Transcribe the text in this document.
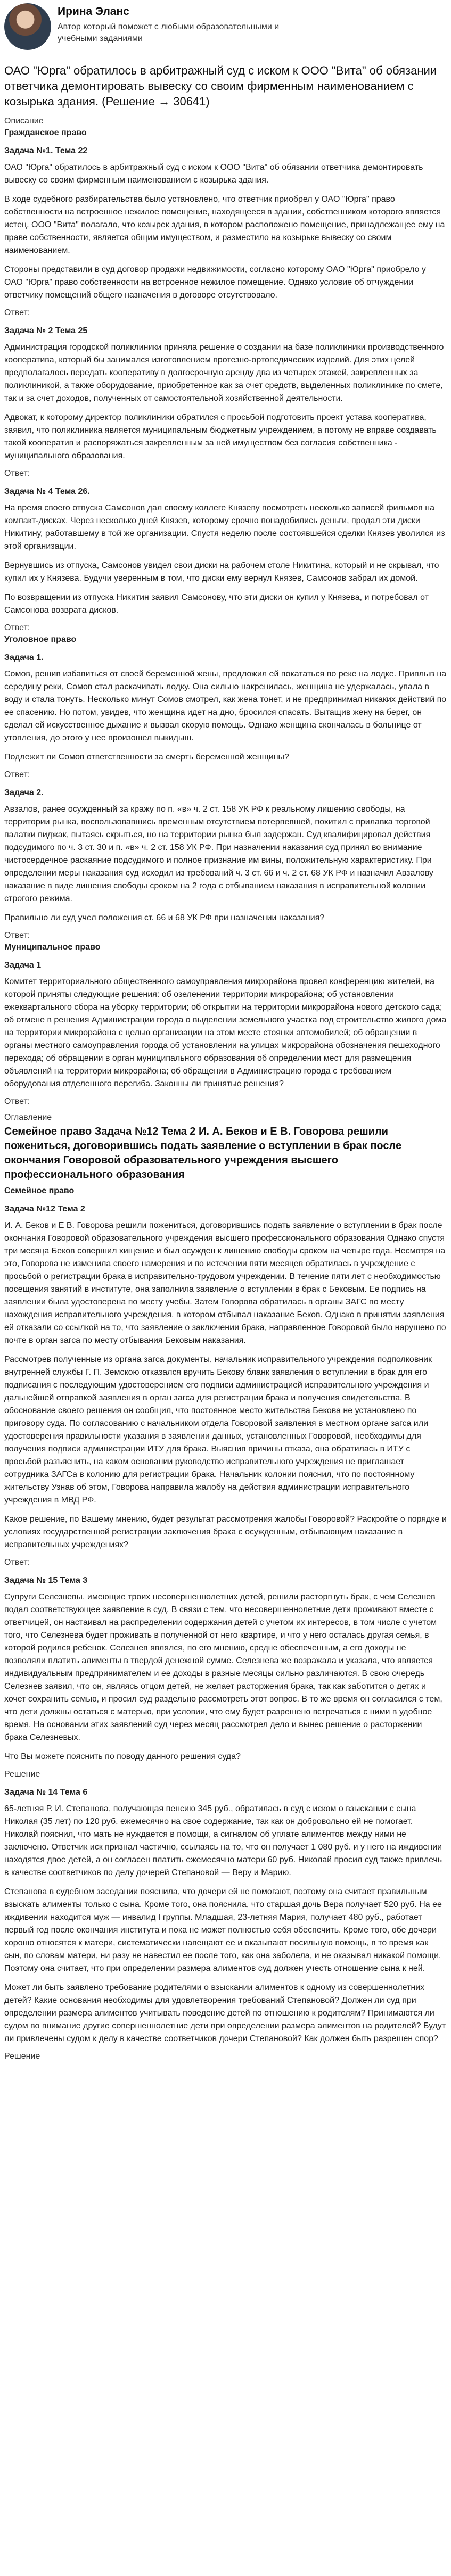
Ирина Эланс
Автор который поможет с любыми образовательными и учебными заданиями
ОАО "Юрга" обратилось в арбитражный суд с иском к ООО "Вита" об обязании ответчика демонтировать вывеску со своим фирменным наименованием с козырька здания. (Решение → 30641)
Описание
Гражданское право
Задача №1. Тема 22

ОАО "Юрга" обратилось в арбитражный суд с иском к ООО "Вита" об обязании ответчика демонтировать вывеску со своим фирменным наименованием с козырька здания.

В ходе судебного разбирательства было установлено, что ответчик приобрел у ОАО "Юрга" право собственности на встроенное нежилое помещение, находящееся в здании, собственником которого является истец. ООО "Вита" полагало, что козырек здания, в котором расположено помещение, принадлежащее ему на праве собственности, является общим имуществом, и разместило на козырьке вывеску со своим наименованием.

Стороны представили в суд договор продажи недвижимости, согласно которому ОАО "Юрга" приобрело у ОАО "Юрга" право собственности на встроенное нежилое помещение. Однако условие об отчуждении ответчику помещений общего назначения в договоре отсутствовало.

Ответ:
Задача № 2 Тема 25

Администрация городской поликлиники приняла решение о создании на базе поликлиники производственного кооператива, который бы занимался изготовлением протезно-ортопедических изделий. Для этих целей предполагалось передать кооперативу в долгосрочную аренду два из четырех этажей, закрепленных за поликлиникой, а также оборудование, приобретенное как за счет средств, выделенных поликлинике по смете, так и за счет доходов, полученных от самостоятельной хозяйственной деятельности.

Адвокат, к которому директор поликлиники обратился с просьбой подготовить проект устава кооператива, заявил, что поликлиника является муниципальным бюджетным учреждением, а потому не вправе создавать такой кооператив и распоряжаться закрепленным за ней имуществом без согласия собственника - муниципального образования.

Ответ:
Задача № 4 Тема 26.

На время своего отпуска Самсонов дал своему коллеге Князеву посмотреть несколько записей фильмов на компакт-дисках. Через несколько дней Князев, которому срочно понадобились деньги, продал эти диски Никитину, работавшему в той же организации. Спустя неделю после состоявшейся сделки Князев уволился из этой организации.

Вернувшись из отпуска, Самсонов увидел свои диски на рабочем столе Никитина, который и не скрывал, что купил их у Князева. Будучи уверенным в том, что диски ему вернул Князев, Самсонов забрал их домой.

По возвращении из отпуска Никитин заявил Самсонову, что эти диски он купил у Князева, и потребовал от Самсонова возврата дисков.

Ответ:
Уголовное право
Задача 1.

Сомов, решив избавиться от своей беременной жены, предложил ей покататься по реке на лодке. Приплыв на середину реки, Сомов стал раскачивать лодку. Она сильно накренилась, женщина не удержалась, упала в воду и стала тонуть. Несколько минут Сомов смотрел, как жена тонет, и не предпринимал никаких действий по ее спасению. Но потом, увидев, что женщина идет на дно, бросился спасать. Вытащив жену на берег, он сделал ей искусственное дыхание и вызвал скорую помощь. Однако женщина скончалась в больнице от утопления, до этого у нее произошел выкидыш.

Подлежит ли Сомов ответственности за смерть беременной женщины?

Ответ:
Задача 2.

Авзалов, ранее осужденный за кражу по п. «в» ч. 2 ст. 158 УК РФ к реальному лишению свободы, на территории рынка, воспользовавшись временным отсутствием потерпевшей, похитил с прилавка торговой палатки пиджак, пытаясь скрыться, но на территории рынка был задержан. Суд квалифицировал действия подсудимого по ч. 3 ст. 30 и п. «в» ч. 2 ст. 158 УК РФ. При назначении наказания суд принял во внимание чистосердечное раскаяние подсудимого и полное признание им вины, положительную характеристику. При определении меры наказания суд исходил из требований ч. 3 ст. 66 и ч. 2 ст. 68 УК РФ и назначил Авзалову наказание в виде лишения свободы сроком на 2 года с отбыванием наказания в исправительной колонии строгого режима.

Правильно ли суд учел положения ст. 66 и 68 УК РФ при назначении наказания?

Ответ:
Муниципальное право
Задача 1

Комитет территориального общественного самоуправления микрорайона провел конференцию жителей, на которой приняты следующие решения: об озеленении территории микрорайона; об установлении ежеквартального сбора на уборку территории; об открытии на территории микрорайона нового детского сада; об отмене в решения Администрации города о выделении земельного участка под строительство жилого дома на территории микрорайона с целью организации на этом месте стоянки автомобилей; об обращении в органы местного самоуправления города об установлении на улицах микрорайона обозначения пешеходного перехода; об обращении в орган муниципального образования об определении мест для размещения объявлений на территории микрорайона; об обращении в Администрацию города с требованием оборудования отделенного перегиба. Законны ли принятые решения?

Ответ:
Оглавление
Семейное право Задача №12 Тема 2 И. А. Беков и Е В. Говорова решили пожениться, договорившись подать заявление о вступлении в брак после окончания Говоровой образовательного учреждения высшего профессионального образования
Семейное право
Задача №12 Тема 2

И. А. Беков и Е В. Говорова решили пожениться, договорившись подать заявление о вступлении в брак после окончания Говоровой образовательного учреждения высшего профессионального образования Однако спустя три месяца Беков совершил хищение и был осужден к лишению свободы сроком на четыре года. Несмотря на это, Говорова не изменила своего намерения и по истечении пяти месяцев обратилась в учреждение с просьбой о регистрации брака в исправительно-трудовом учреждении. В течение пяти лет с необходимостью посещения занятий в институте, она заполнила заявление о вступлении в брак с Бековым. Ее подпись на заявлении была удостоверена по месту учебы. Затем Говорова обратилась в органы ЗАГС по месту нахождения исправительного учреждения, в котором отбывал наказание Беков. Однако в принятии заявления ей отказали со ссылкой на то, что заявление о заключении брака, направленное Говоровой было нарушено по почте в орган загса по месту отбывания Бековым наказания.

Рассмотрев полученные из органа загса документы, начальник исправительного учреждения подполковник внутренней службы Г. П. Земскою отказался вручить Бекову бланк заявления о вступлении в брак для его подписания с последующим удостоверением его подписи администрацией исправительного учреждения и дальнейшей отправкой заявления в орган загса для регистрации брака и получения свидетельства. В обоснование своего решения он сообщил, что постоянное место жительства Бекова не установлено по приговору суда. По согласованию с начальником отдела Говоровой заявления в местном органе загса или удостоверения правильности указания в заявлении данных, установленных Говоровой, необходимы для получения подписи администрации ИТУ для брака. Выяснив причины отказа, она обратилась в ИТУ с просьбой разъяснить, на каком основании руководство исправительного учреждения не приглашает сотрудника ЗАГСа в колонию для регистрации брака. Начальник колонии пояснил, что по постоянному жительству Узнав об этом, Говорова направила жалобу на действия администрации исправительного учреждения в МВД РФ.

Какое решение, по Вашему мнению, будет результат рассмотрения жалобы Говоровой? Раскройте о порядке и условиях государственной регистрации заключения брака с осужденным, отбывающим наказание в исправительных учреждениях?

Ответ:
Задача № 15 Тема 3

Супруги Селезневы, имеющие троих несовершеннолетних детей, решили расторгнуть брак, с чем Селезнев подал соответствующее заявление в суд. В связи с тем, что несовершеннолетние дети проживают вместе с ответчицей, он настаивал на распределении содержания детей с учетом их интересов, в том числе с учетом того, что Селезнева будет проживать в полученной от него квартире, и что у него осталась другая семья, в которой родился ребенок. Селезнев являлся, по его мнению, средне обеспеченным, а его доходы не позволяли платить алименты в твердой денежной сумме. Селезнева же возражала и указала, что является индивидуальным предпринимателем и ее доходы в разные месяцы сильно различаются. В свою очередь Селезнев заявил, что он, являясь отцом детей, не желает расторжения брака, так как заботится о детях и хочет сохранить семью, и просил суд раздельно рассмотреть этот вопрос. В то же время он согласился с тем, что дети должны остаться с матерью, при условии, что ему будет разрешено встречаться с ними в удобное время. На основании этих заявлений суд через месяц рассмотрел дело и вынес решение о расторжении брака Селезневых.

Что Вы можете пояснить по поводу данного решения суда?

Решение
Задача № 14 Тема 6

65-летняя Р. И. Степанова, получающая пенсию 345 руб., обратилась в суд с иском о взыскании с сына Николая (35 лет) по 120 руб. ежемесячно на свое содержание, так как он добровольно ей не помогает. Николай пояснил, что мать не нуждается в помощи, а сигналом об уплате алиментов между ними не заключено. Ответчик иск признал частично, ссылаясь на то, что он получает 1 080 руб. и у него на иждивении находятся двое детей, а он согласен платить ежемесячно матери 60 руб. Николай просил суд также привлечь в качестве соответчиков по делу дочерей Степановой — Веру и Марию.

Степанова в судебном заседании пояснила, что дочери ей не помогают, поэтому она считает правильным взыскать алименты только с сына. Кроме того, она пояснила, что старшая дочь Вера получает 520 руб. На ее иждивении находится муж — инвалид I группы. Младшая, 23-летняя Мария, получает 480 руб., работает первый год после окончания института и пока не может полностью себя обеспечить. Кроме того, обе дочери хорошо относятся к матери, систематически навещают ее и оказывают посильную помощь, в то время как сын, по словам матери, ни разу не навестил ее после того, как она заболела, и не оказывал никакой помощи. Поэтому она считает, что при определении размера алиментов суд должен учесть отношение сына к ней.

Может ли быть заявлено требование родителями о взыскании алиментов к одному из совершеннолетних детей? Какие основания необходимы для удовлетворения требований Степановой? Должен ли суд при определении размера алиментов учитывать поведение детей по отношению к родителям? Принимаются ли судом во внимание другие совершеннолетние дети при определении размера алиментов на родителей? Будут ли привлечены судом к делу в качестве соответчиков дочери Степановой? Как должен быть разрешен спор?

Решение
